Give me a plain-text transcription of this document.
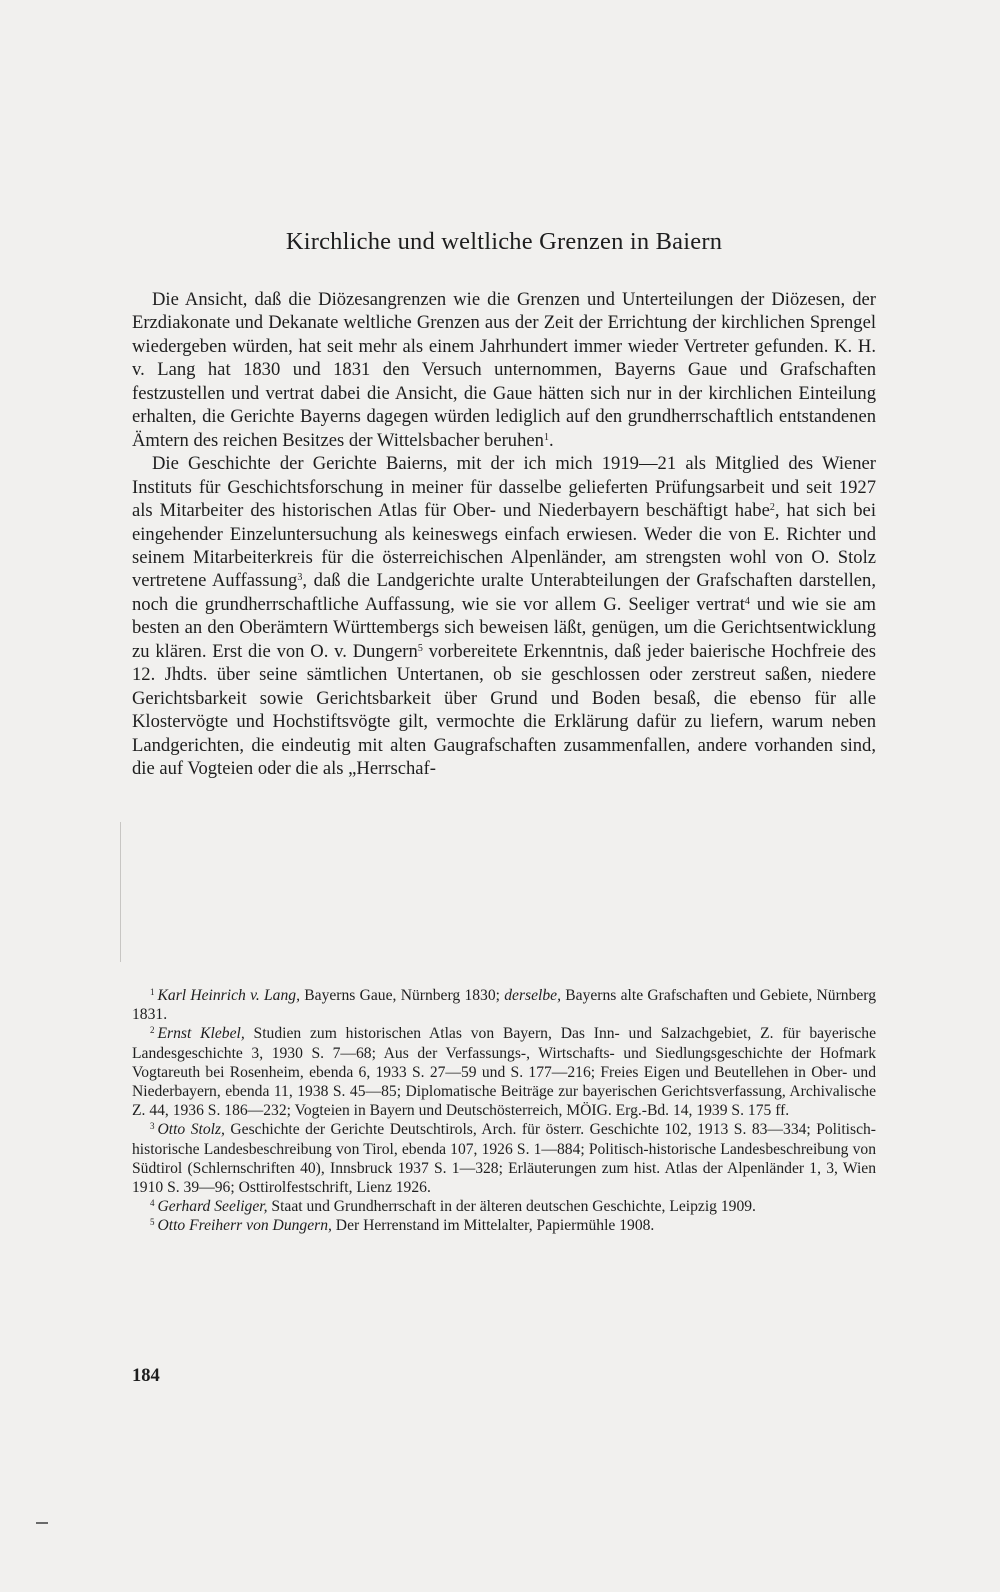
Kirchliche und weltliche Grenzen in Baiern

Die Ansicht, daß die Diözesangrenzen wie die Grenzen und Unterteilungen der Diözesen, der Erzdiakonate und Dekanate weltliche Grenzen aus der Zeit der Errichtung der kirchlichen Sprengel wiedergeben würden, hat seit mehr als einem Jahrhundert immer wieder Vertreter gefunden. K. H. v. Lang hat 1830 und 1831 den Versuch unternommen, Bayerns Gaue und Grafschaften festzustellen und vertrat dabei die Ansicht, die Gaue hätten sich nur in der kirchlichen Einteilung erhalten, die Gerichte Bayerns dagegen würden lediglich auf den grundherrschaftlich entstandenen Ämtern des reichen Besitzes der Wittelsbacher beruhen$^1$.

Die Geschichte der Gerichte Baierns, mit der ich mich 1919—21 als Mitglied des Wiener Instituts für Geschichtsforschung in meiner für dasselbe gelieferten Prüfungsarbeit und seit 1927 als Mitarbeiter des historischen Atlas für Ober- und Niederbayern beschäftigt habe$^2$, hat sich bei eingehender Einzeluntersuchung als keineswegs einfach erwiesen. Weder die von E. Richter und seinem Mitarbeiterkreis für die österreichischen Alpenländer, am strengsten wohl von O. Stolz vertretene Auffassung$^3$, daß die Landgerichte uralte Unterabteilungen der Grafschaften darstellen, noch die grundherrschaftliche Auffassung, wie sie vor allem G. Seeliger vertrat$^4$ und wie sie am besten an den Oberämtern Württembergs sich beweisen läßt, genügen, um die Gerichtsentwicklung zu klären. Erst die von O. v. Dungern$^5$ vorbereitete Erkenntnis, daß jeder baierische Hochfreie des 12. Jhdts. über seine sämtlichen Untertanen, ob sie geschlossen oder zerstreut saßen, niedere Gerichtsbarkeit sowie Gerichtsbarkeit über Grund und Boden besaß, die ebenso für alle Klostervögte und Hochstiftsvögte gilt, vermochte die Erklärung dafür zu liefern, warum neben Landgerichten, die eindeutig mit alten Gaugrafschaften zusammenfallen, andere vorhanden sind, die auf Vogteien oder die als „Herrschaf-

$^1$ Karl Heinrich v. Lang, Bayerns Gaue, Nürnberg 1830; derselbe, Bayerns alte Grafschaften und Gebiete, Nürnberg 1831.

$^2$ Ernst Klebel, Studien zum historischen Atlas von Bayern, Das Inn- und Salzachgebiet, Z. für bayerische Landesgeschichte 3, 1930 S. 7—68; Aus der Verfassungs-, Wirtschafts- und Siedlungsgeschichte der Hofmark Vogtareuth bei Rosenheim, ebenda 6, 1933 S. 27—59 und S. 177—216; Freies Eigen und Beutellehen in Ober- und Niederbayern, ebenda 11, 1938 S. 45—85; Diplomatische Beiträge zur bayerischen Gerichtsverfassung, Archivalische Z. 44, 1936 S. 186—232; Vogteien in Bayern und Deutschösterreich, MÖIG. Erg.-Bd. 14, 1939 S. 175 ff.

$^3$ Otto Stolz, Geschichte der Gerichte Deutschtirols, Arch. für österr. Geschichte 102, 1913 S. 83—334; Politisch-historische Landesbeschreibung von Tirol, ebenda 107, 1926 S. 1—884; Politisch-historische Landesbeschreibung von Südtirol (Schlernschriften 40), Innsbruck 1937 S. 1—328; Erläuterungen zum hist. Atlas der Alpenländer 1, 3, Wien 1910 S. 39—96; Osttirolfestschrift, Lienz 1926.

$^4$ Gerhard Seeliger, Staat und Grundherrschaft in der älteren deutschen Geschichte, Leipzig 1909.

$^5$ Otto Freiherr von Dungern, Der Herrenstand im Mittelalter, Papiermühle 1908.

184
